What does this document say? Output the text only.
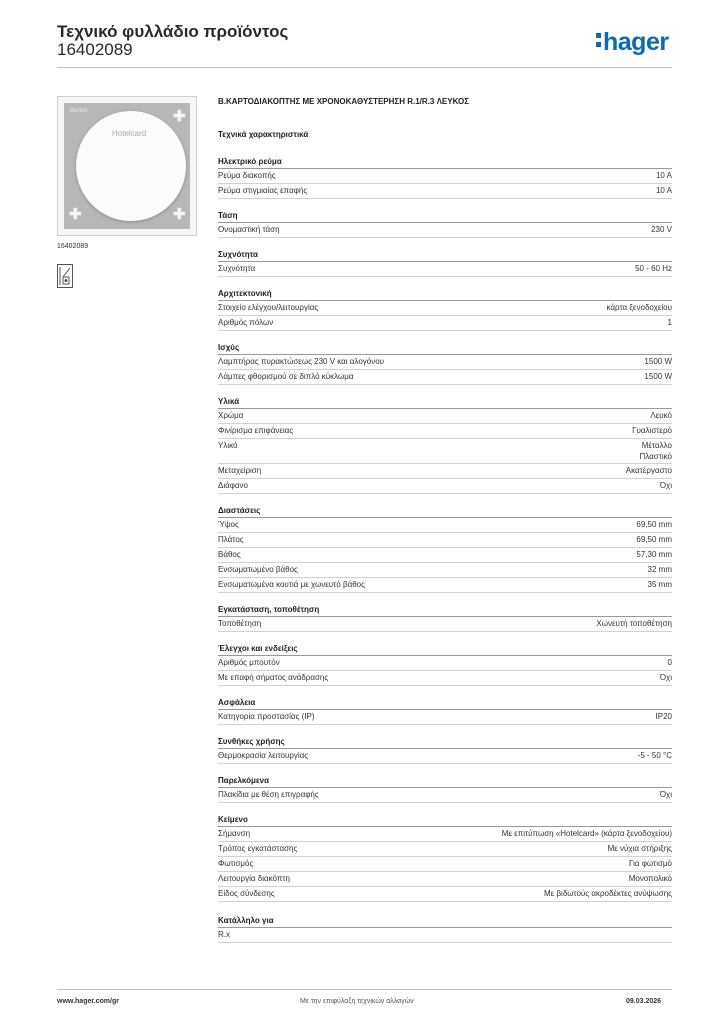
Τεχνικό φυλλάδιο προϊόντος
16402089	hager
Berker
✚
✚
✚
Hotelcard
16402089
B.ΚΑΡΤΟΔΙΑΚΟΠΤΗΣ ΜΕ ΧΡΟΝΟΚΑΘΥΣΤΕΡΗΣΗ R.1/R.3 ΛΕΥΚΟΣ
Τεχνικά χαρακτηριστικά
Ηλεκτρικό ρεύμα
Ρεύμα διακοπής	10 A
Ρεύμα στιγμιαίας επαφής	10 A
Τάση
Ονομαστική τάση	230 V
Συχνότητα
Συχνότητα	50 - 60 Hz
Αρχιτεκτονική
Στοιχείο ελέγχου/λειτουργίας	κάρτα ξενοδοχείου
Αριθμός πόλων	1
Ισχύς
Λαμπτήρας πυρακτώσεως 230 V και αλογόνου	1500 W
Λάμπες φθορισμού σε διπλό κύκλωμα	1500 W
Υλικά
Χρώμα	Λευκό
Φινίρισμα επιφάνειας	Γυαλιστερό
Υλικό	Μέταλλο
Πλαστικό
Μεταχείριση	Ακατέργαστο
Διάφανο	Όχι
Διαστάσεις
Ύψος	69,50 mm
Πλάτος	69,50 mm
Βάθος	57,30 mm
Ενσωματωμένο βάθος	32 mm
Ενσωματωμένα κουτιά με χωνευτό βάθος	35 mm
Εγκατάσταση, τοποθέτηση
Τοποθέτηση	Χωνευτή τοποθέτηση
Έλεγχοι και ενδείξεις
Αριθμός μπουτόν	0
Με επαφή σήματος ανάδρασης	Όχι
Ασφάλεια
Κατηγορία προστασίας (IP)	IP20
Συνθήκες χρήσης
Θερμοκρασία λειτουργίας	-5 - 50 °C
Παρελκόμενα
Πλακίδια με θέση επιγραφής	Όχι
Κείμενο
Σήμανση	Με επιτύπωση «Hotelcard» (κάρτα ξενοδοχείου)
Τρόπος εγκατάστασης	Με νύχια στήριξης
Φωτισμός	Για φωτισμό
Λειτουργία διακόπτη	Μονοπολικό
Είδος σύνδεσης	Με βιδωτούς ακροδέκτες ανύψωσης
Κατάλληλο για
R.x
www.hager.com/gr	Με την επιφύλαξη τεχνικών αλλαγών	09.03.2026
